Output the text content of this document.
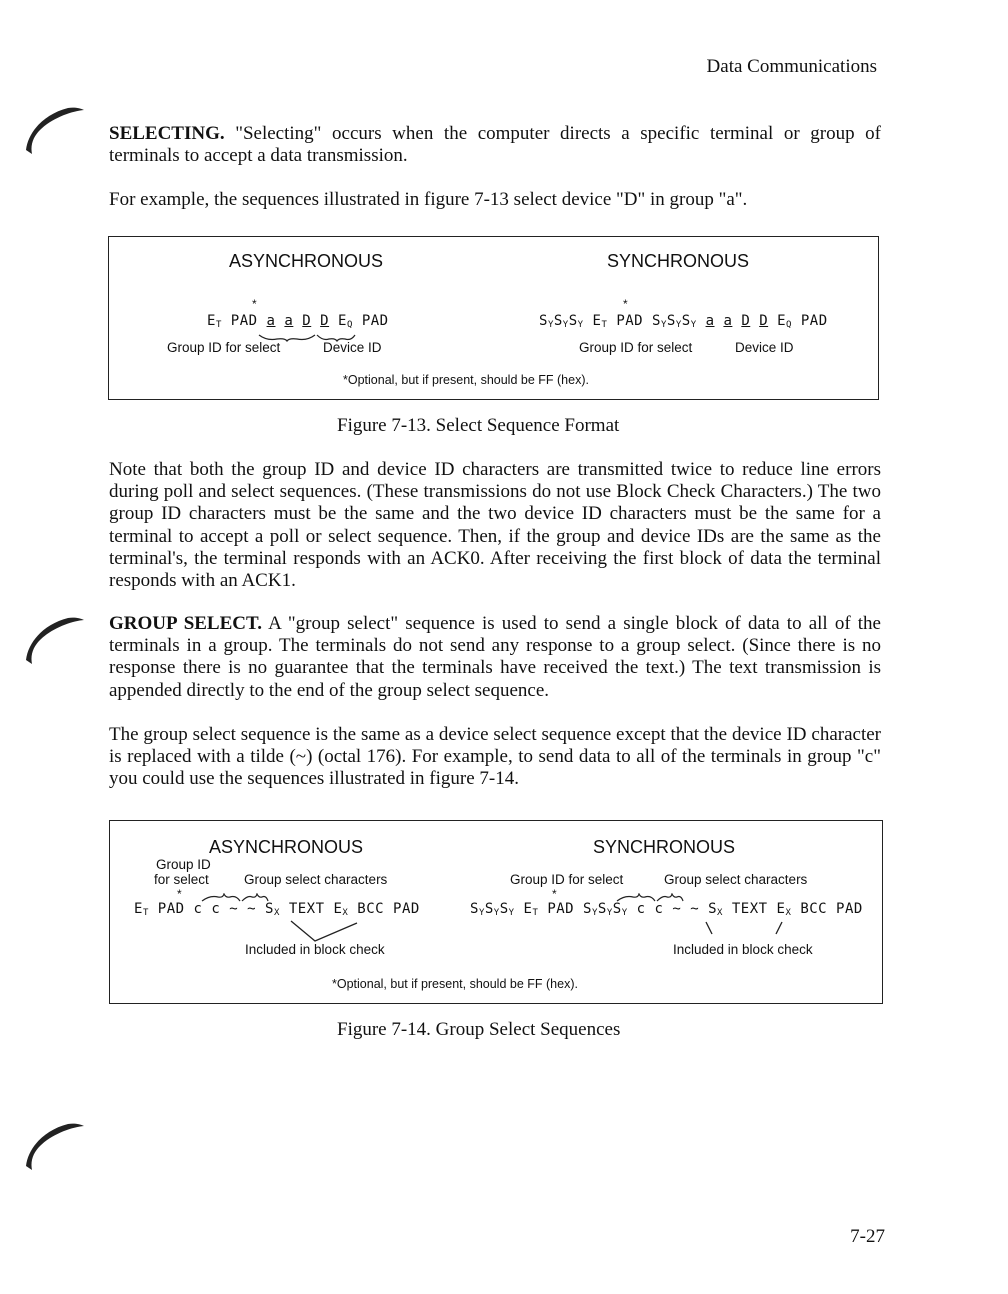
Data Communications

SELECTING. "Selecting" occurs when the computer directs a specific terminal or group of terminals to accept a data transmission.

For example, the sequences illustrated in figure 7-13 select device "D" in group "a".

ASYNCHRONOUS	SYNCHRONOUS
*
$E_T$ PAD a a D D $E_Q$ PAD
Group ID for select	Device ID
*
$S_YS_YS_Y$ $E_T$ PAD $S_YS_YS_Y$ a a D D $E_Q$ PAD
Group ID for select	Device ID
*Optional, but if present, should be FF (hex).
Figure 7-13. Select Sequence Format

Note that both the group ID and device ID characters are transmitted twice to reduce line errors during poll and select sequences. (These transmissions do not use Block Check Characters.) The two group ID characters must be the same and the two device ID characters must be the same for a terminal to accept a poll or select sequence. Then, if the group and device IDs are the same as the terminal's, the terminal responds with an ACK0. After receiving the first block of data the terminal responds with an ACK1.

GROUP SELECT. A "group select" sequence is used to send a single block of data to all of the terminals in a group. The terminals do not send any response to a group select. (Since there is no response there is no guarantee that the terminals have received the text.) The text transmission is appended directly to the end of the group select sequence.

The group select sequence is the same as a device select sequence except that the device ID character is replaced with a tilde (~) (octal 176). For example, to send data to all of the terminals in group "c" you could use the sequences illustrated in figure 7-14.

ASYNCHRONOUS	SYNCHRONOUS
Group ID
for select	Group select characters
*
$E_T$ PAD c c ~ ~ $S_X$ TEXT $E_X$ BCC PAD
Included in block check
Group ID for select	Group select characters
*
$S_YS_YS_Y$ $E_T$ PAD $S_YS_YS_Y$ c c ~ ~ $S_X$ TEXT $E_X$ BCC PAD
Included in block check
*Optional, but if present, should be FF (hex).
Figure 7-14. Group Select Sequences
7-27
